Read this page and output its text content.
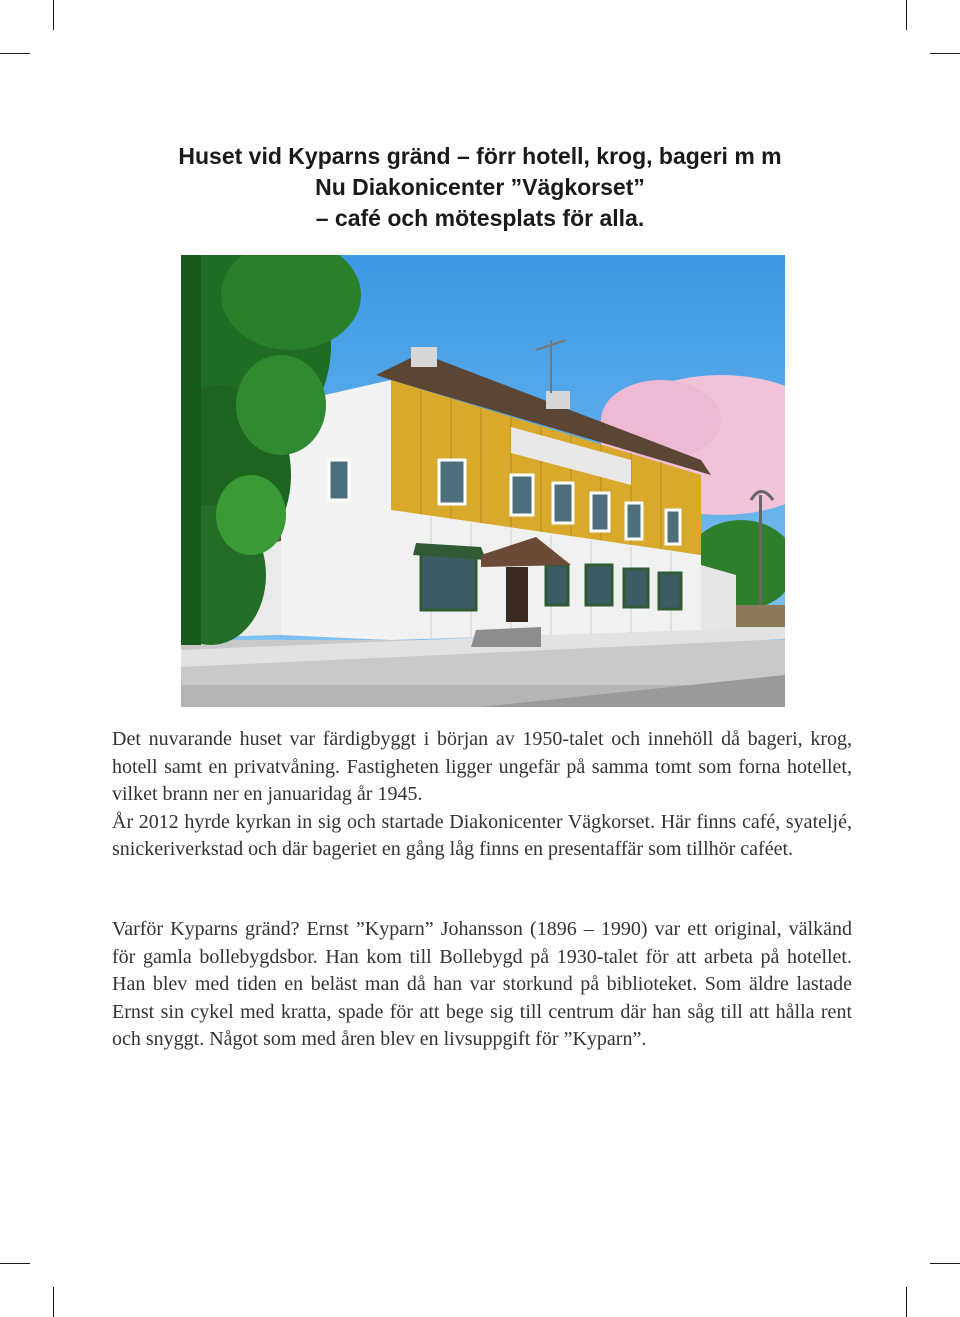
Huset vid Kyparns gränd – förr hotell, krog, bageri m m
Nu Diakonicenter ”Vägkorset”
– café och mötesplats för alla.

Det nuvarande huset var färdigbyggt i början av 1950-talet och innehöll då bageri, krog, hotell samt en privatvåning. Fastigheten ligger ungefär på samma tomt som forna hotellet, vilket brann ner en januaridag år 1945.

År 2012 hyrde kyrkan in sig och startade Diakonicenter Vägkorset. Här finns café, syateljé, snickeriverkstad och där bageriet en gång låg finns en presentaffär som tillhör caféet.

Varför Kyparns gränd? Ernst ”Kyparn” Johansson (1896 – 1990) var ett original, välkänd för gamla bollebygdsbor. Han kom till Bollebygd på 1930-talet för att arbeta på hotellet. Han blev med tiden en beläst man då han var storkund på biblioteket. Som äldre lastade Ernst sin cykel med kratta, spade för att bege sig till centrum där han såg till att hålla rent och snyggt. Något som med åren blev en livsuppgift för ”Kyparn”.
